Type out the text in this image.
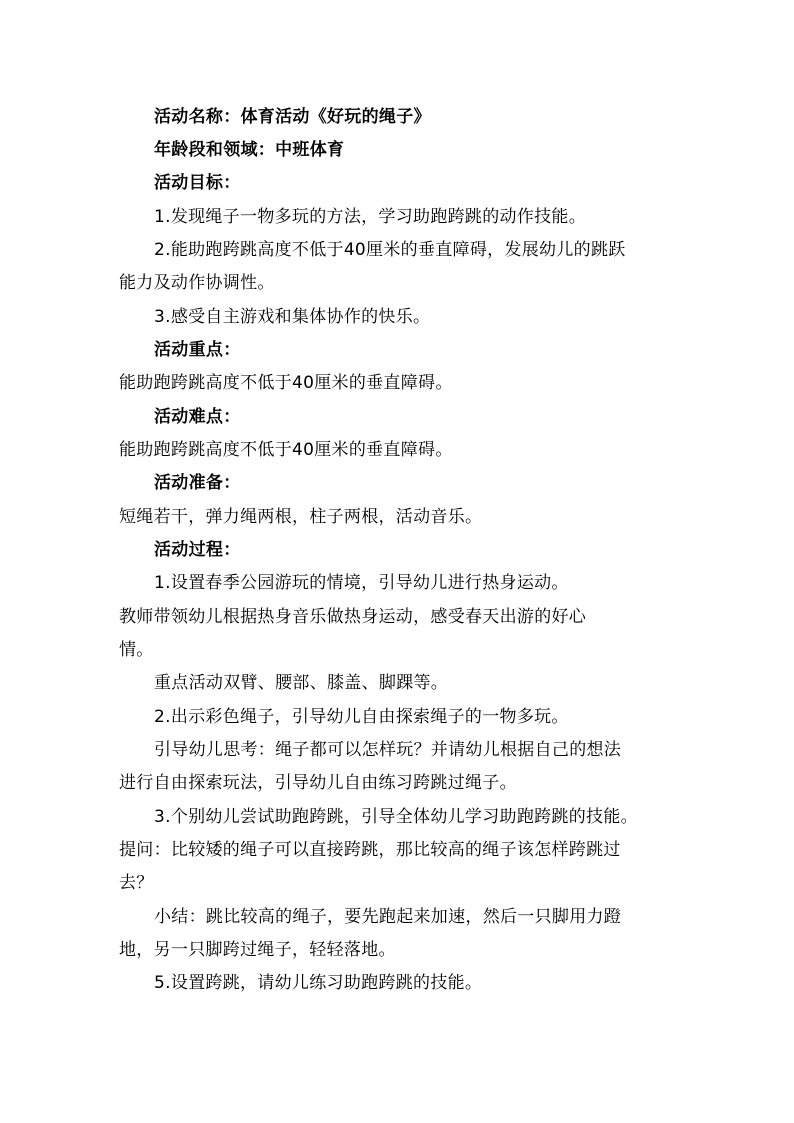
活动名称：体育活动《好玩的绳子》
年龄段和领域：中班体育
活动目标：
1.发现绳子一物多玩的方法，学习助跑跨跳的动作技能。
2.能助跑跨跳高度不低于40厘米的垂直障碍，发展幼儿的跳跃
能力及动作协调性。
3.感受自主游戏和集体协作的快乐。
活动重点：
能助跑跨跳高度不低于40厘米的垂直障碍。
活动难点：
能助跑跨跳高度不低于40厘米的垂直障碍。
活动准备：
短绳若干，弹力绳两根，柱子两根，活动音乐。
活动过程：
1.设置春季公园游玩的情境，引导幼儿进行热身运动。
教师带领幼儿根据热身音乐做热身运动，感受春天出游的好心
情。
重点活动双臂、腰部、膝盖、脚踝等。
2.出示彩色绳子，引导幼儿自由探索绳子的一物多玩。
引导幼儿思考：绳子都可以怎样玩？并请幼儿根据自己的想法
进行自由探索玩法，引导幼儿自由练习跨跳过绳子。
3.个别幼儿尝试助跑跨跳，引导全体幼儿学习助跑跨跳的技能。
提问：比较矮的绳子可以直接跨跳，那比较高的绳子该怎样跨跳过
去？
小结：跳比较高的绳子，要先跑起来加速，然后一只脚用力蹬
地，另一只脚跨过绳子，轻轻落地。
5.设置跨跳，请幼儿练习助跑跨跳的技能。
